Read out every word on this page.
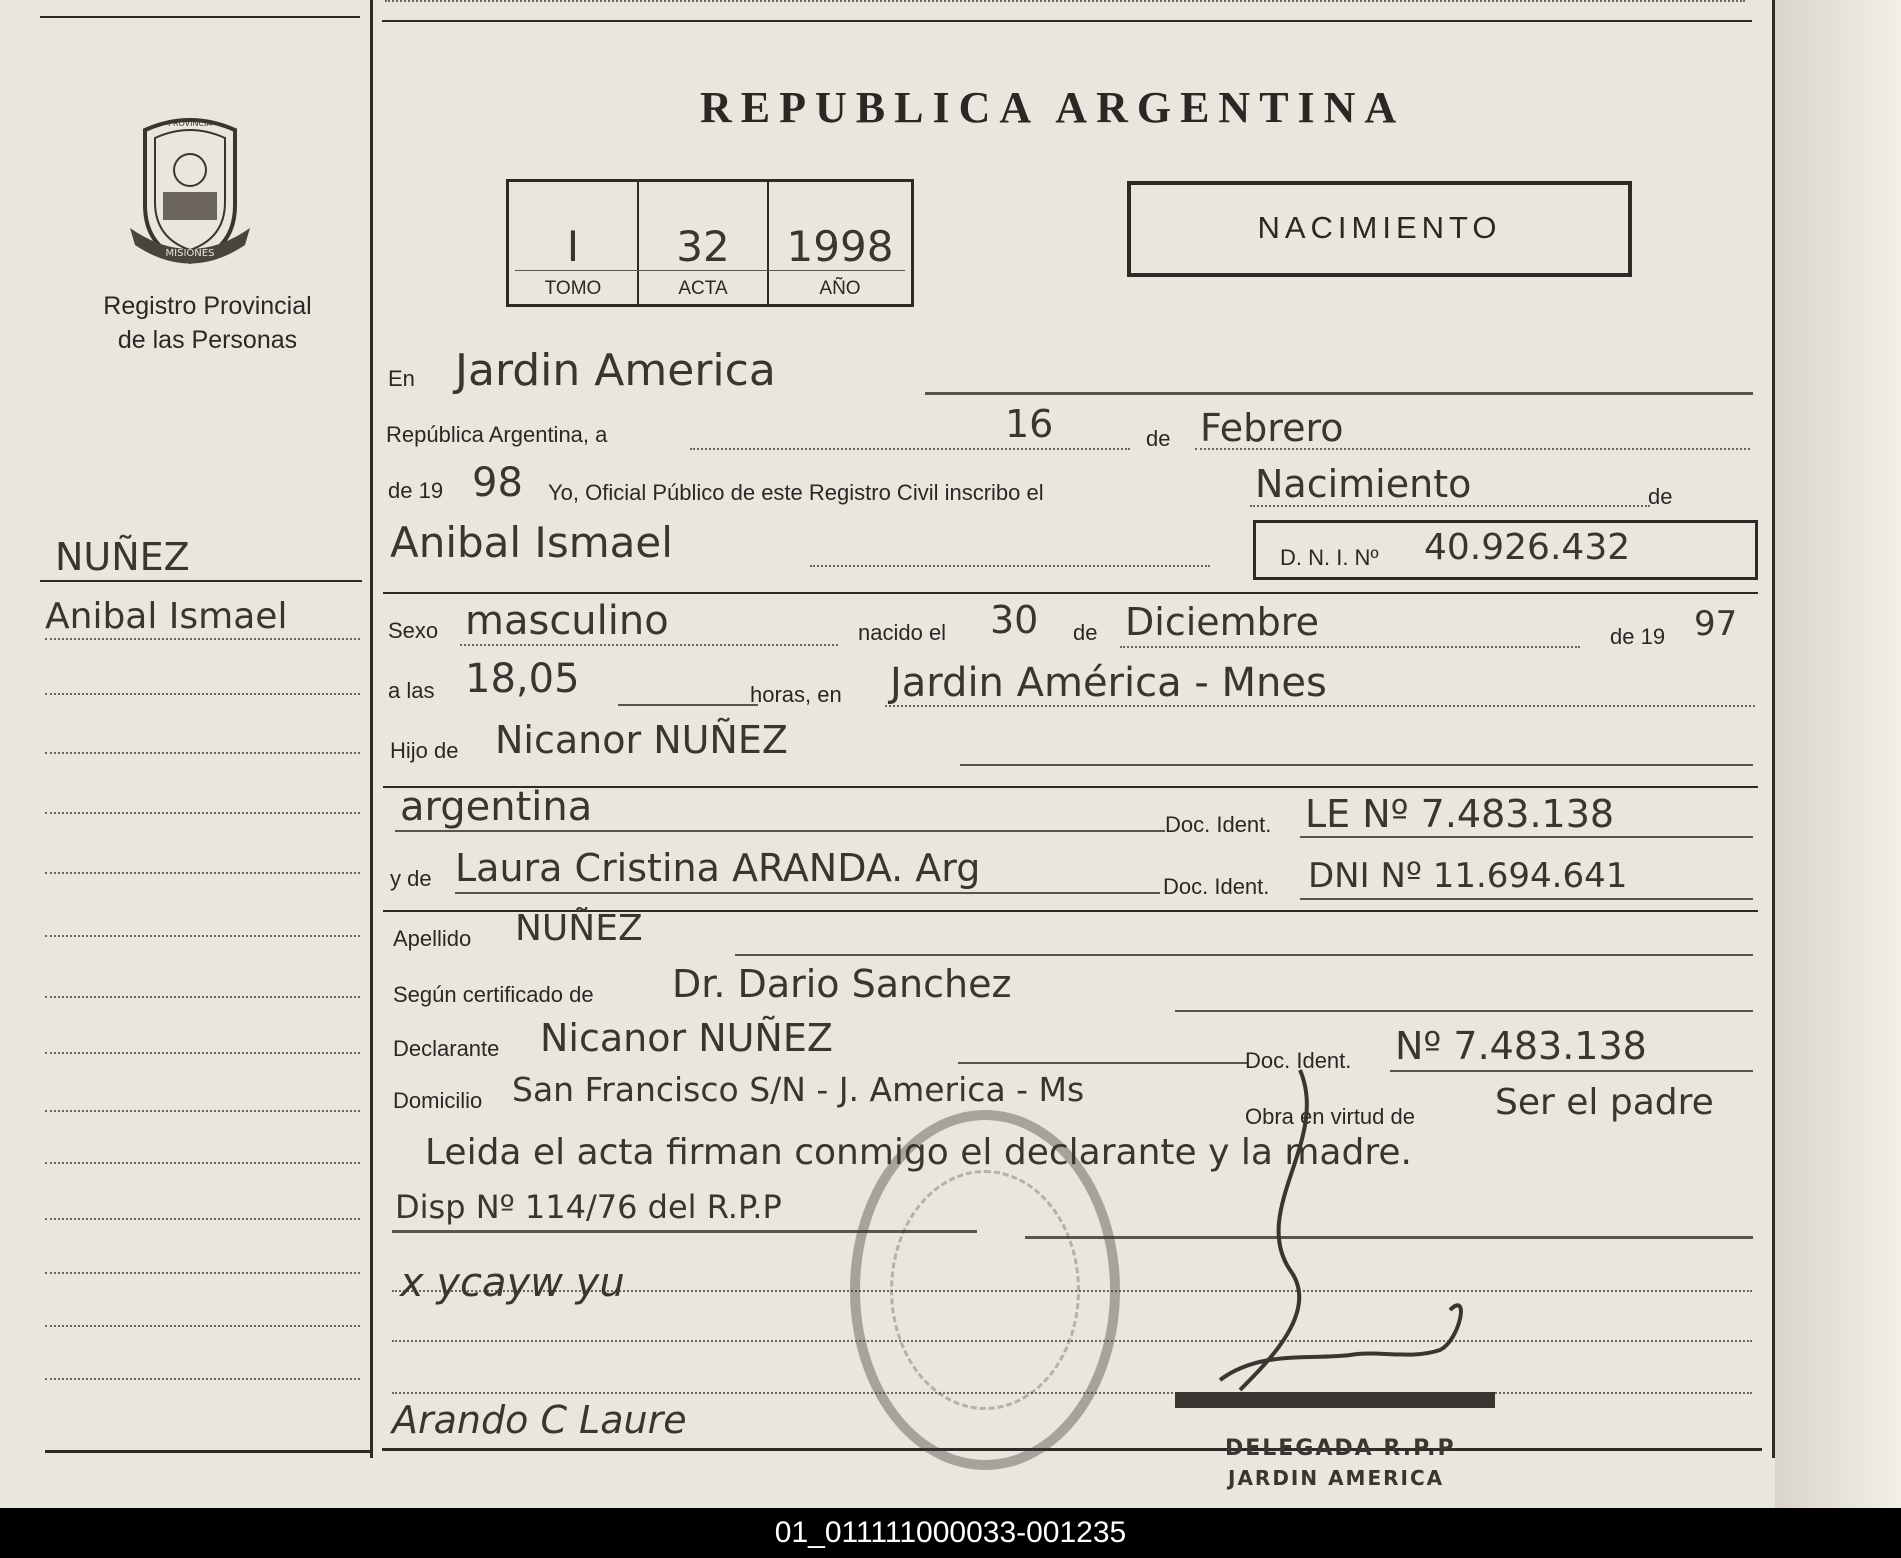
REPUBLICA ARGENTINA
MISIONES
PROVINCIA
Registro Provincial
de las Personas
I	32	1998
TOMO	ACTA	AÑO
NACIMIENTO
NUÑEZ
Anibal Ismael
En Jardin America
República Argentina, a	16	de Febrero
de 19 98 Yo, Oficial Público de este Registro Civil inscribo el	Nacimiento	de
Anibal Ismael	D. N. I. Nº 40.926.432
Sexo masculino	nacido el 30 de Diciembre	de 19 97
a las 18,05	horas, en Jardin América - Mnes
Hijo de Nicanor NUÑEZ
argentina	Doc. Ident. LE Nº 7.483.138
y de Laura Cristina ARANDA. Arg	Doc. Ident. DNI Nº 11.694.641
Apellido NUÑEZ
Según certificado de Dr. Dario Sanchez
Declarante Nicanor NUÑEZ
Doc. Ident. Nº 7.483.138
Domicilio San Francisco S/N - J. America - Ms
Obra en virtud de Ser el padre
Leida el acta firman conmigo el declarante y la madre.
Disp Nº 114/76 del R.P.P
x ycayw yu
Arando C Laure
DELEGADA R.P.P
JARDIN AMERICA
01_011111000033-001235
